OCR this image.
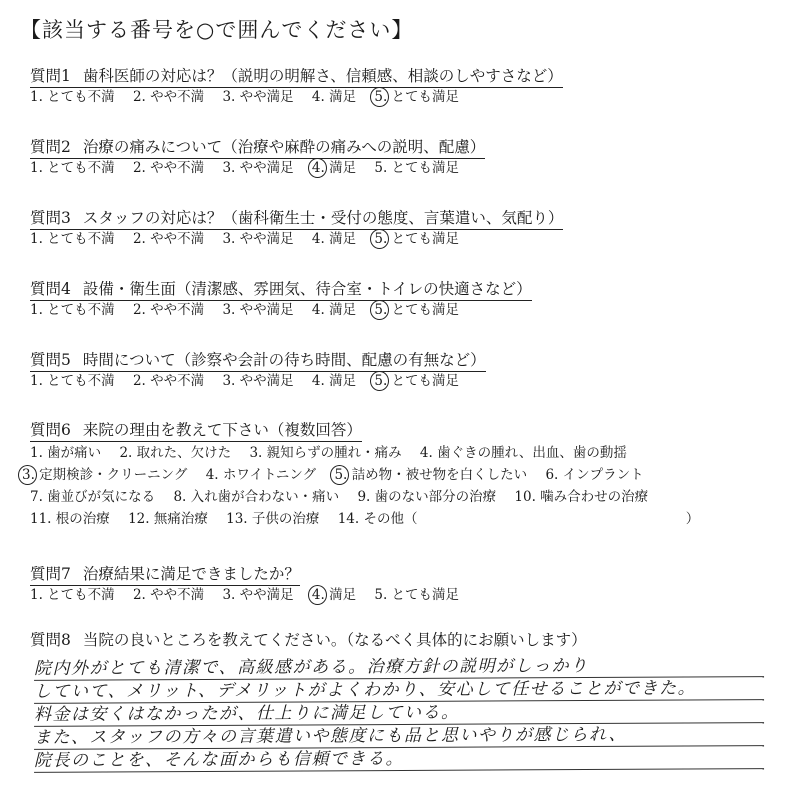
【該当する番号を○で囲んでください】
質問1 歯科医師の対応は？（説明の明解さ、信頼感、相談のしやすさなど）
1. とても不満 2. やや不満 3. やや満足 4. 満足 5. とても満足
質問2 治療の痛みについて（治療や麻酔の痛みへの説明、配慮）
1. とても不満 2. やや不満 3. やや満足 4. 満足 5. とても満足
質問3 スタッフの対応は？（歯科衛生士・受付の態度、言葉遣い、気配り）
1. とても不満 2. やや不満 3. やや満足 4. 満足 5. とても満足
質問4 設備・衛生面（清潔感、雰囲気、待合室・トイレの快適さなど）
1. とても不満 2. やや不満 3. やや満足 4. 満足 5. とても満足
質問5 時間について（診察や会計の待ち時間、配慮の有無など）
1. とても不満 2. やや不満 3. やや満足 4. 満足 5. とても満足
質問6 来院の理由を教えて下さい（複数回答）
1. 歯が痛い 2. 取れた、欠けた 3. 親知らずの腫れ・痛み 4. 歯ぐきの腫れ、出血、歯の動揺
3. 定期検診・クリーニング 4. ホワイトニング 5. 詰め物・被せ物を白くしたい 6. インプラント
7. 歯並びが気になる 8. 入れ歯が合わない・痛い 9. 歯のない部分の治療 10. 噛み合わせの治療
11. 根の治療 12. 無痛治療 13. 子供の治療 14. その他（	）
質問7 治療結果に満足できましたか？
1. とても不満 2. やや不満 3. やや満足 4. 満足 5. とても満足
質問8 当院の良いところを教えてください。（なるべく具体的にお願いします）
院内外がとても清潔で、高級感がある。治療方針の説明がしっかり
していて、メリット、デメリットがよくわかり、安心して任せることができた。
料金は安くはなかったが、仕上りに満足している。
また、スタッフの方々の言葉遣いや態度にも品と思いやりが感じられ、
院長のことを、そんな面からも信頼できる。
